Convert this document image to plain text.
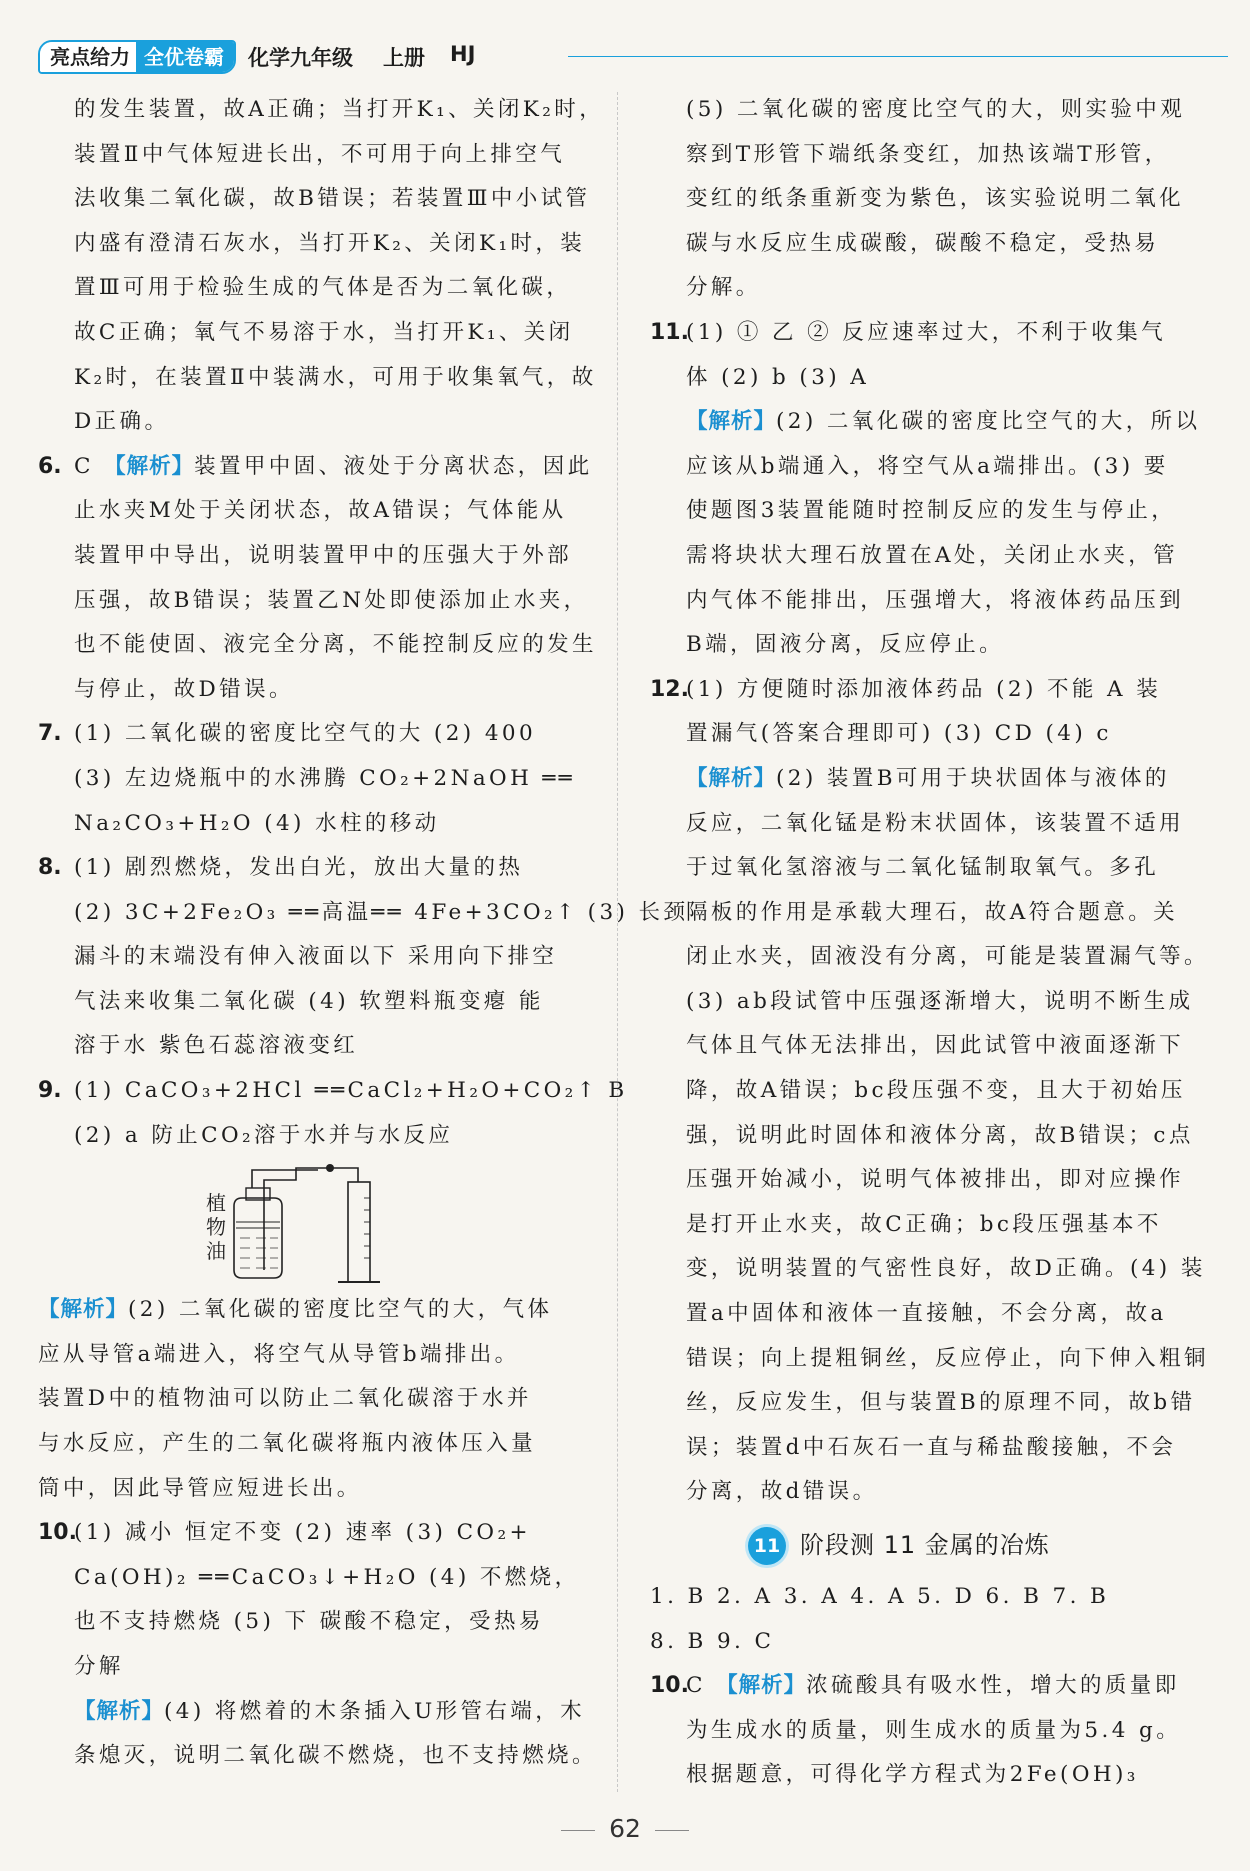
亮点给力 全优卷霸	化学九年级 上册 HJ
的发生装置，故A正确；当打开K₁、关闭K₂时，
装置Ⅱ中气体短进长出，不可用于向上排空气
法收集二氧化碳，故B错误；若装置Ⅲ中小试管
内盛有澄清石灰水，当打开K₂、关闭K₁时，装
置Ⅲ可用于检验生成的气体是否为二氧化碳，
故C正确；氧气不易溶于水，当打开K₁、关闭
K₂时，在装置Ⅱ中装满水，可用于收集氧气，故
D正确。
6. C 【解析】装置甲中固、液处于分离状态，因此
止水夹M处于关闭状态，故A错误；气体能从
装置甲中导出，说明装置甲中的压强大于外部
压强，故B错误；装置乙N处即使添加止水夹，
也不能使固、液完全分离，不能控制反应的发生
与停止，故D错误。
7. (1) 二氧化碳的密度比空气的大 (2) 400
(3) 左边烧瓶中的水沸腾 CO₂+2NaOH ══
Na₂CO₃+H₂O (4) 水柱的移动
8. (1) 剧烈燃烧，发出白光，放出大量的热
(2) 3C+2Fe₂O₃ ══高温══ 4Fe+3CO₂↑ (3) 长颈
漏斗的末端没有伸入液面以下 采用向下排空
气法来收集二氧化碳 (4) 软塑料瓶变瘪 能
溶于水 紫色石蕊溶液变红
9. (1) CaCO₃+2HCl ══CaCl₂+H₂O+CO₂↑ B
(2) a 防止CO₂溶于水并与水反应
植
物
油
【解析】(2) 二氧化碳的密度比空气的大，气体
应从导管a端进入，将空气从导管b端排出。
装置D中的植物油可以防止二氧化碳溶于水并
与水反应，产生的二氧化碳将瓶内液体压入量
筒中，因此导管应短进长出。
10.(1) 减小 恒定不变 (2) 速率 (3) CO₂+
Ca(OH)₂ ══CaCO₃↓+H₂O (4) 不燃烧，
也不支持燃烧 (5) 下 碳酸不稳定，受热易
分解
【解析】(4) 将燃着的木条插入U形管右端，木
条熄灭，说明二氧化碳不燃烧，也不支持燃烧。
(5) 二氧化碳的密度比空气的大，则实验中观
察到T形管下端纸条变红，加热该端T形管，
变红的纸条重新变为紫色，该实验说明二氧化
碳与水反应生成碳酸，碳酸不稳定，受热易
分解。
11.(1) ① 乙 ② 反应速率过大，不利于收集气
体 (2) b (3) A
【解析】(2) 二氧化碳的密度比空气的大，所以
应该从b端通入，将空气从a端排出。(3) 要
使题图3装置能随时控制反应的发生与停止，
需将块状大理石放置在A处，关闭止水夹，管
内气体不能排出，压强增大，将液体药品压到
B端，固液分离，反应停止。
12.(1) 方便随时添加液体药品 (2) 不能 A 装
置漏气(答案合理即可) (3) CD (4) c
【解析】(2) 装置B可用于块状固体与液体的
反应，二氧化锰是粉末状固体，该装置不适用
于过氧化氢溶液与二氧化锰制取氧气。多孔
隔板的作用是承载大理石，故A符合题意。关
闭止水夹，固液没有分离，可能是装置漏气等。
(3) ab段试管中压强逐渐增大，说明不断生成
气体且气体无法排出，因此试管中液面逐渐下
降，故A错误；bc段压强不变，且大于初始压
强，说明此时固体和液体分离，故B错误；c点
压强开始减小，说明气体被排出，即对应操作
是打开止水夹，故C正确；bc段压强基本不
变，说明装置的气密性良好，故D正确。(4) 装
置a中固体和液体一直接触，不会分离，故a
错误；向上提粗铜丝，反应停止，向下伸入粗铜
丝，反应发生，但与装置B的原理不同，故b错
误；装置d中石灰石一直与稀盐酸接触，不会
分离，故d错误。
11 阶段测 11 金属的冶炼
1. B 2. A 3. A 4. A 5. D 6. B 7. B
8. B 9. C
10.C 【解析】浓硫酸具有吸水性，增大的质量即
为生成水的质量，则生成水的质量为5.4 g。
根据题意，可得化学方程式为2Fe(OH)₃
62
